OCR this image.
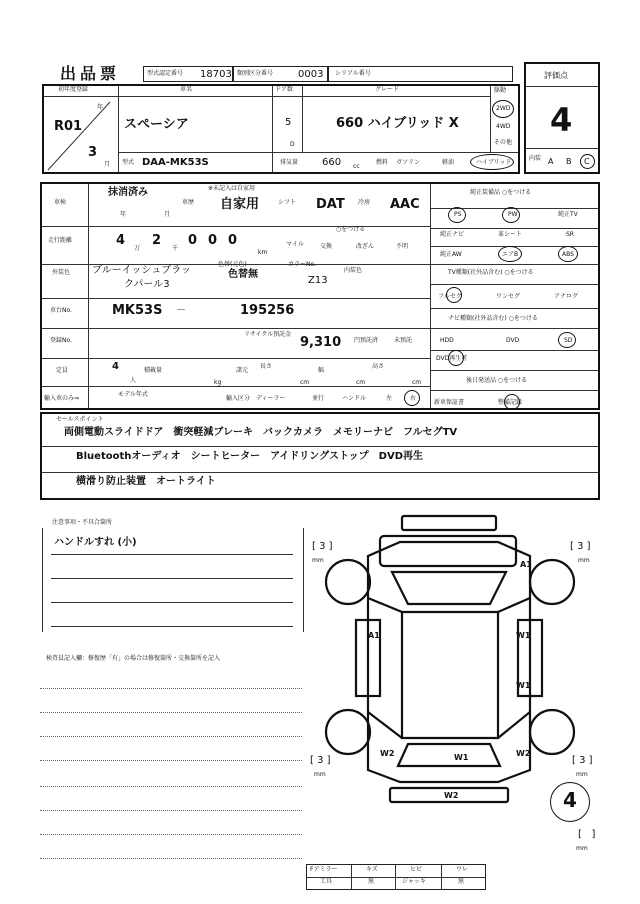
出品票	型式認定番号 18703 類別区分番号 0003 シリアル番号	評価点
4
内装 A B C
初年度登録
年
月
R01
3
車名
スペーシア
ドア数
5
D
グレード
660 ハイブリッド X
駆動
2WD
4WD
その他
型式 DAA-MK53S	排気量 660 cc
燃料 ガソリン	軽油	ハイブリッド
車検
抹消済み
年	月
車歴
※未記入は自家用
自家用	シフト DAT 冷房 AAC
走行距離	4
万
2
千
0 0 0
km
マイル
○をつける
交換	改ざん	不明
外装色 ブルーイッシュブラッ
クパール3
色替(元色)
色替無
カラーNo.
Z13
内装色
車台No.	MK53S －	195256
登録No.
リサイクル預託金
9,310 円預託済	未預託
定員	4
人
積載量
kg
諸元
長さ
cm
幅
cm
高さ
cm
輸入車のみ⇒
モデル年式
輸入区分 ディーラー	並行	ハンドル	左	右
純正装備品 ○をつける
PS	PW	純正TV
純正ナビ	革シート	SR
純正AW	エアB	ABS
TV種類(社外品含む) ○をつける
フルセグ	ワンセグ	アナログ
ナビ種類(社外品含む) ○をつける
HDD	DVD	SD
DVD再生可
後日発送品 ○をつける
新車保証書	整備記録
セールスポイント
両側電動スライドドア　衝突軽減ブレーキ　バックカメラ　メモリーナビ　フルセグTV
Bluetoothオーディオ　シートヒーター　アイドリングストップ　DVD再生
横滑り防止装置　オートライト
注意事項・不具合箇所
ハンドルすれ (小)
検査員記入欄：修復歴「有」の場合は修復箇所・交換箇所を記入
A1
A1	W1
W1
W2	W1	W2
W2
[ 3 ]
mm
[ 3 ]
mm
[ 3 ]
mm
[ 3 ]
mm
4
[   ]
mm
Fアミラー	キズ	ヒビ	ワレ
工具	無	ジャッキ	無
